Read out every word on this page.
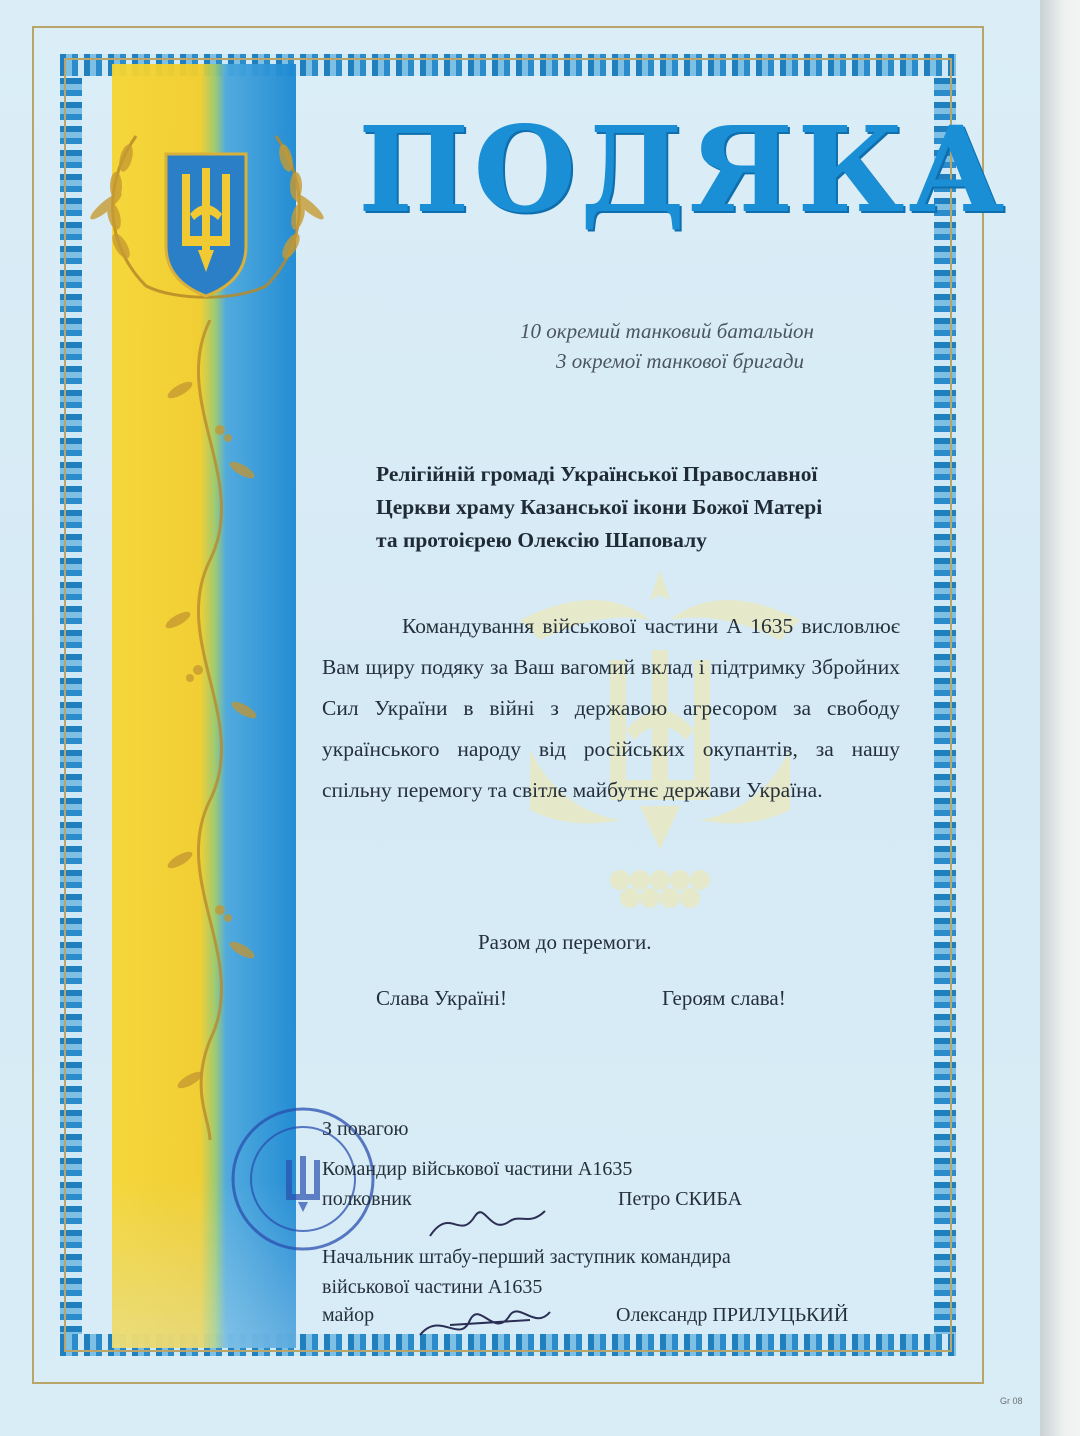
ПОДЯКА
10 окремий танковий батальйон
3 окремої танкової бригади
Релігійній громаді Української Православної
Церкви храму Казанської ікони Божої Матері
та протоієрею Олексію Шаповалу

Командування військової частини А 1635 висловлює Вам щиру подяку за Ваш вагомий вклад і підтримку Збройних Сил України в війні з державою агресором за свободу українського народу від російських окупантів, за нашу спільну перемогу та світле майбутнє держави Україна.

Разом до перемоги.
Слава Україні!	Героям слава!
З повагою
Командир військової частини А1635
полковник	Петро СКИБА
Начальник штабу-перший заступник командира
військової частини А1635
майор	Олександр ПРИЛУЦЬКИЙ
Gr 08
